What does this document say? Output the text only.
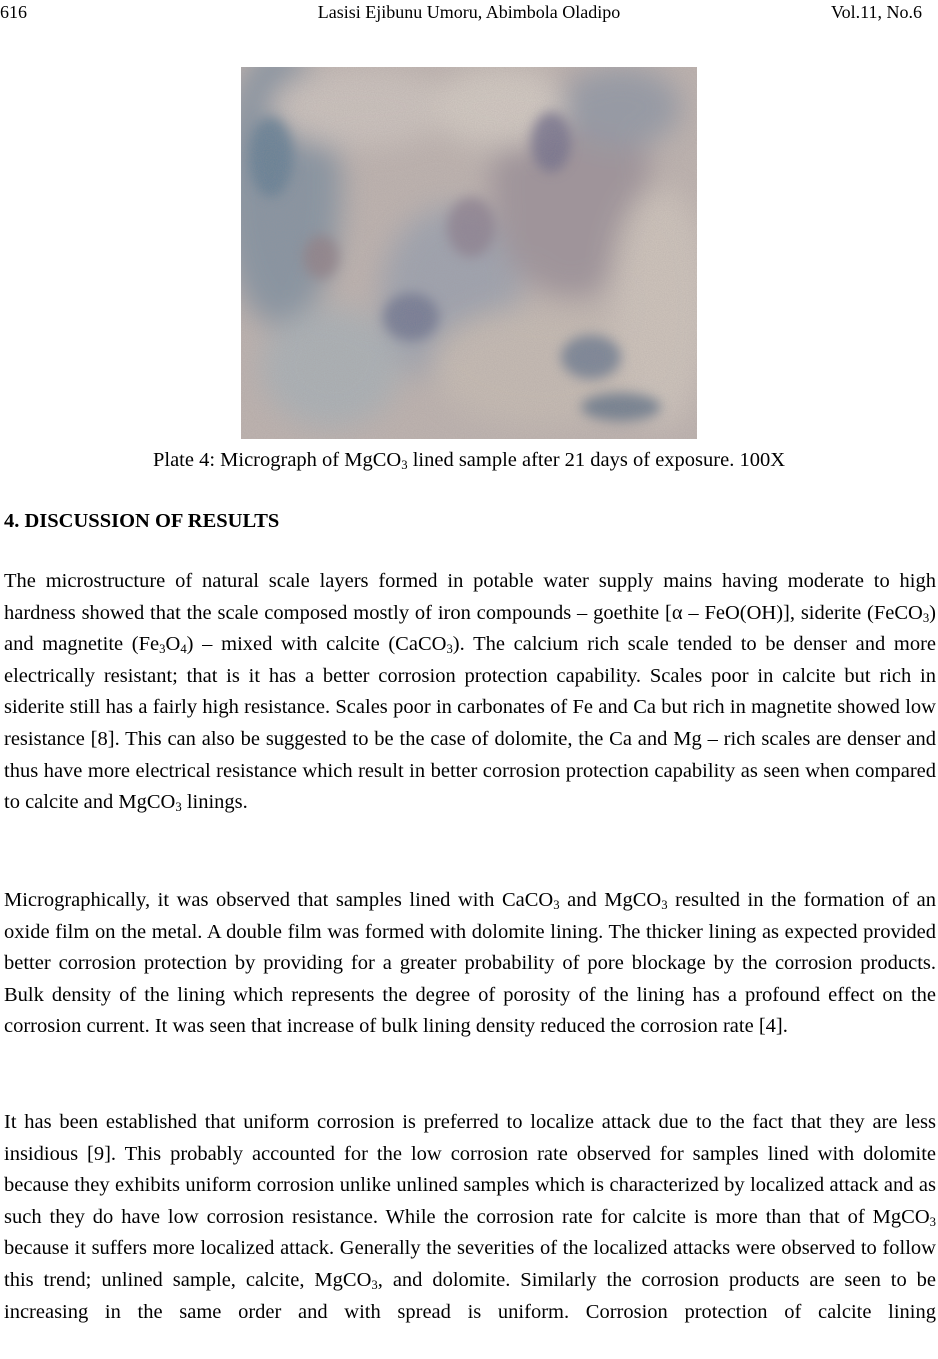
616	Lasisi Ejibunu Umoru, Abimbola Oladipo	Vol.11, No.6
Plate 4: Micrograph of MgCO$_3$ lined sample after 21 days of exposure. 100X
4. DISCUSSION OF RESULTS
The microstructure of natural scale layers formed in potable water supply mains having moderate to high hardness showed that the scale composed mostly of iron compounds – goethite [α – FeO(OH)], siderite (FeCO$_3$) and magnetite $(Fe_3O_4)$ – mixed with calcite (CaCO$_3$). The calcium rich scale tended to be denser and more electrically resistant; that is it has a better corrosion protection capability. Scales poor in calcite but rich in siderite still has a fairly high resistance. Scales poor in carbonates of Fe and Ca but rich in magnetite showed low resistance [8]. This can also be suggested to be the case of dolomite, the Ca and Mg – rich scales are denser and thus have more electrical resistance which result in better corrosion protection capability as seen when compared to calcite and MgCO$_3$ linings.
Micrographically, it was observed that samples lined with CaCO$_3$ and MgCO$_3$ resulted in the formation of an oxide film on the metal. A double film was formed with dolomite lining. The thicker lining as expected provided better corrosion protection by providing for a greater probability of pore blockage by the corrosion products. Bulk density of the lining which represents the degree of porosity of the lining has a profound effect on the corrosion current. It was seen that increase of bulk lining density reduced the corrosion rate [4].
It has been established that uniform corrosion is preferred to localize attack due to the fact that they are less insidious [9]. This probably accounted for the low corrosion rate observed for samples lined with dolomite because they exhibits uniform corrosion unlike unlined samples which is characterized by localized attack and as such they do have low corrosion resistance. While the corrosion rate for calcite is more than that of MgCO$_3$ because it suffers more localized attack. Generally the severities of the localized attacks were observed to follow this trend; unlined sample, calcite, MgCO$_3$, and dolomite. Similarly the corrosion products are seen to be increasing in the same order and with spread is uniform. Corrosion protection of calcite lining
